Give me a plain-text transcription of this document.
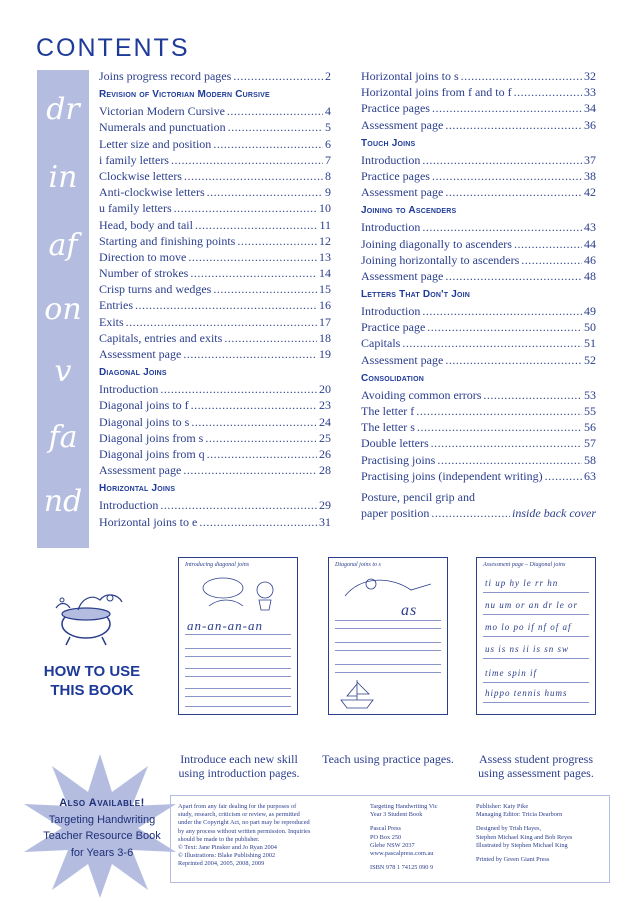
CONTENTS
dr
in
af
on
v
fa
nd
Joins progress record pages .....	2
Revision of Victorian Modern Cursive
Victorian Modern Cursive .....	4
Numerals and punctuation .....	5
Letter size and position .....	6
i family letters .....	7
Clockwise letters .....	8
Anti-clockwise letters .....	9
u family letters .....	10
Head, body and tail .....	11
Starting and finishing points .....	12
Direction to move .....	13
Number of strokes .....	14
Crisp turns and wedges .....	15
Entries .....	16
Exits .....	17
Capitals, entries and exits .....	18
Assessment page .....	19
Diagonal Joins
Introduction .....	20
Diagonal joins to f .....	23
Diagonal joins to s .....	24
Diagonal joins from s .....	25
Diagonal joins from q .....	26
Assessment page .....	28
Horizontal Joins
Introduction .....	29
Horizontal joins to e .....	31
Horizontal joins to s .....	32
Horizontal joins from f and to f .....	33
Practice pages .....	34
Assessment page .....	36
Touch Joins
Introduction .....	37
Practice pages .....	38
Assessment page .....	42
Joining to Ascenders
Introduction .....	43
Joining diagonally to ascenders .....	44
Joining horizontally to ascenders .....	46
Assessment page .....	48
Letters That Don't Join
Introduction .....	49
Practice page .....	50
Capitals .....	51
Assessment page .....	52
Consolidation
Avoiding common errors .....	53
The letter f .....	55
The letter s .....	56
Double letters .....	57
Practising joins .....	58
Practising joins (independent writing) .....	63
Posture, pencil grip and
paper position .....	inside back cover
HOW TO USE
THIS BOOK
Introducing diagonal joins
an-an-an-an
Diagonal joins to s
as
Assessment page – Diagonal joins
ti up hy le rr hn
nu um or an dr le or
mo lo po if nf of af
us is ns ii is sn sw
time spin if
hippo tennis hums
Introduce each new skill
using introduction pages.
Teach using practice pages.	Assess student progress
using assessment pages.
Also Available!
Targeting Handwriting
Teacher Resource Book
for Years 3-6
Apart from any fair dealing for the purposes of
study, research, criticism or review, as permitted
under the Copyright Act, no part may be reproduced
by any process without written permission. Inquiries
should be made to the publisher.
© Text: Jane Pinsker and Jo Ryan 2004
© Illustrations: Blake Publishing 2002
Reprinted 2004, 2005, 2008, 2009
Targeting Handwriting Vic
Year 3 Student Book
Pascal Press
PO Box 250
Glebe NSW 2037
www.pascalpress.com.au
ISBN 978 1 74125 090 9
Publisher: Katy Pike
Managing Editor: Tricia Dearborn
Designed by Trish Hayes,
Stephen Michael King and Bob Reyes
Illustrated by Stephen Michael King
Printed by Green Giant Press
